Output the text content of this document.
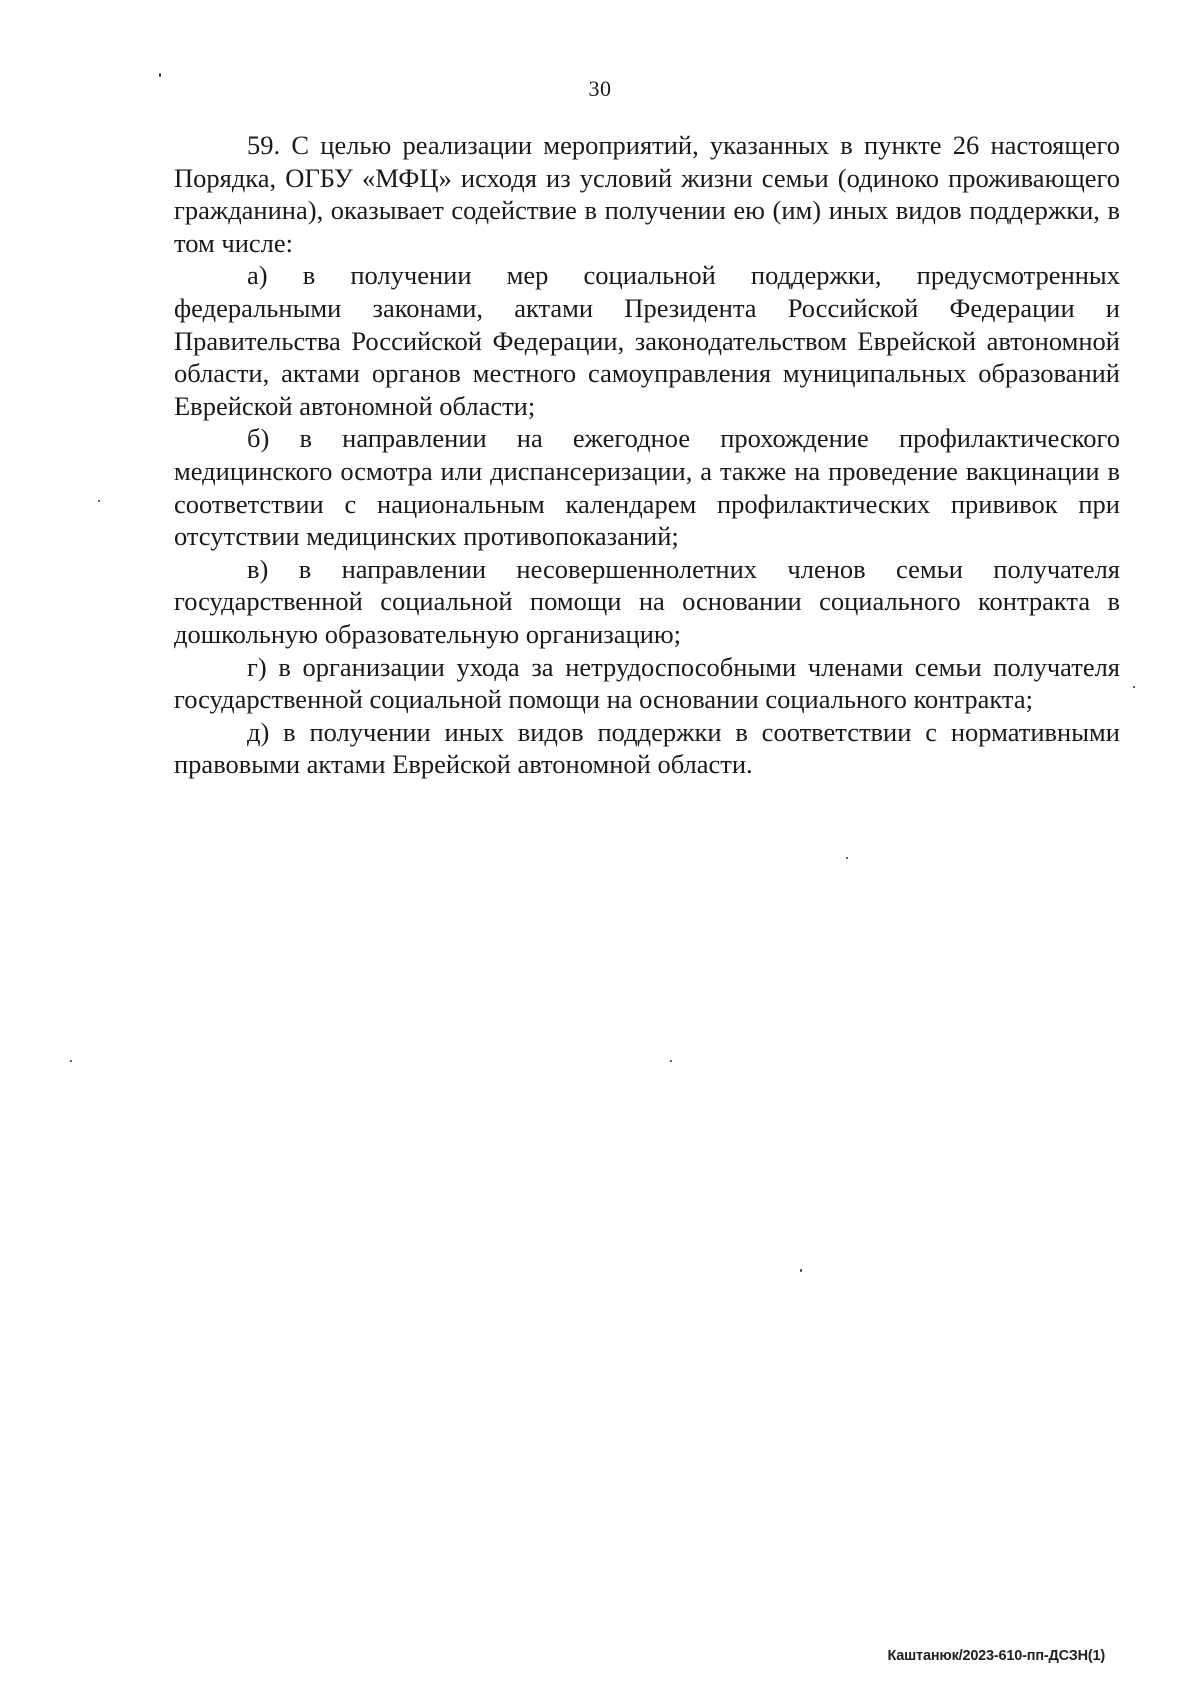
30

59. С целью реализации мероприятий, указанных в пункте 26 настоящего Порядка, ОГБУ «МФЦ» исходя из условий жизни семьи (одиноко проживающего гражданина), оказывает содействие в получении ею (им) иных видов поддержки, в том числе:

а) в получении мер социальной поддержки, предусмотренных федеральными законами, актами Президента Российской Федерации и Правительства Российской Федерации, законодательством Еврейской автономной области, актами органов местного самоуправления муниципальных образований Еврейской автономной области;

б) в направлении на ежегодное прохождение профилактического медицинского осмотра или диспансеризации, а также на проведение вакцинации в соответствии с национальным календарем профилактических прививок при отсутствии медицинских противопоказаний;

в) в направлении несовершеннолетних членов семьи получателя государственной социальной помощи на основании социального контракта в дошкольную образовательную организацию;

г) в организации ухода за нетрудоспособными членами семьи получателя государственной социальной помощи на основании социального контракта;

д) в получении иных видов поддержки в соответствии с нормативными правовыми актами Еврейской автономной области.

Каштанюк/2023-610-пп-ДСЗН(1)
